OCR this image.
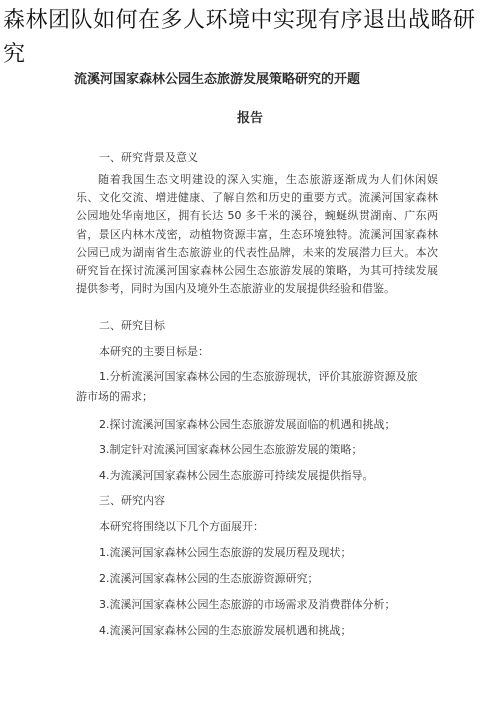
森林团队如何在多人环境中实现有序退出战略研究
流溪河国家森林公园生态旅游发展策略研究的开题
报告
一、研究背景及意义
随着我国生态文明建设的深入实施，生态旅游逐渐成为人们休闲娱乐、文化交流、增进健康、了解自然和历史的重要方式。流溪河国家森林公园地处华南地区，拥有长达 50 多千米的溪谷，蜿蜒纵贯湖南、广东两省，景区内林木茂密，动植物资源丰富，生态环境独特。流溪河国家森林公园已成为湖南省生态旅游业的代表性品牌，未来的发展潜力巨大。本次研究旨在探讨流溪河国家森林公园生态旅游发展的策略，为其可持续发展提供参考，同时为国内及境外生态旅游业的发展提供经验和借鉴。
二、研究目标
本研究的主要目标是：
1.分析流溪河国家森林公园的生态旅游现状，评价其旅游资源及旅游市场的需求；
2.探讨流溪河国家森林公园生态旅游发展面临的机遇和挑战；
3.制定针对流溪河国家森林公园生态旅游发展的策略；
4.为流溪河国家森林公园生态旅游可持续发展提供指导。
三、研究内容
本研究将围绕以下几个方面展开：
1.流溪河国家森林公园生态旅游的发展历程及现状；
2.流溪河国家森林公园的生态旅游资源研究；
3.流溪河国家森林公园生态旅游的市场需求及消费群体分析；
4.流溪河国家森林公园的生态旅游发展机遇和挑战；
